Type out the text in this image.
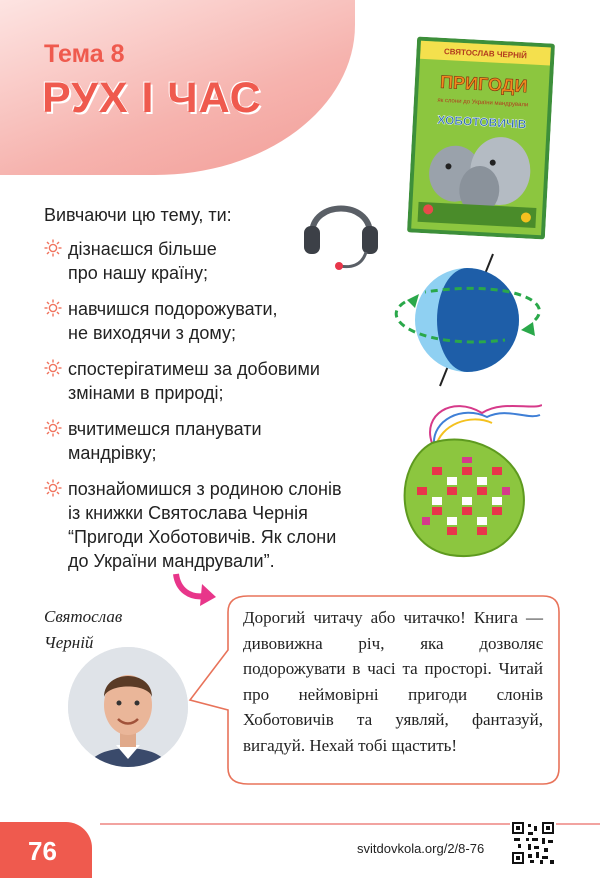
Тема 8
РУХ І ЧАС
СВЯТОСЛАВ ЧЕРНІЙ
ПРИГОДИ
як слони до України мандрували
ХОБОТОВИЧІВ
Вивчаючи цю тему, ти:
дізнаєшся більше
про нашу країну;
навчишся подорожувати,
не виходячи з дому;
спостерігатимеш за добовими
змінами в природі;
вчитимешся планувати
мандрівку;
познайомишся з родиною слонів
із книжки Святослава Чернія
“Пригоди Хоботовичів. Як слони
до України мандрували”.
Святослав
Черній
Дорогий читачу або читачко! Книга — дивовижна річ, яка дозволяє подорожувати в часі та просторі. Читай про неймовірні пригоди слонів Хоботовичів та уявляй, фантазуй, вигадуй. Нехай тобі щастить!
76	svitdovkola.org/2/8-76
